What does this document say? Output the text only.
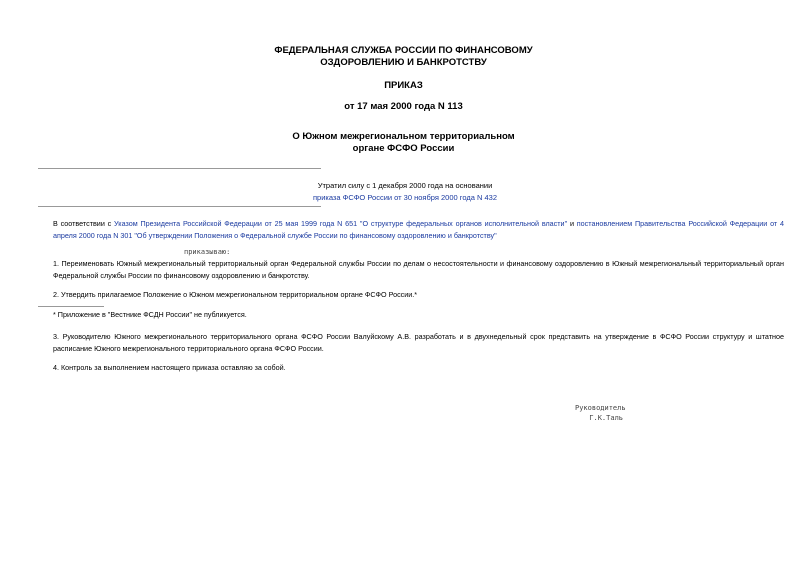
ФЕДЕРАЛЬНАЯ СЛУЖБА РОССИИ ПО ФИНАНСОВОМУ
ОЗДОРОВЛЕНИЮ И БАНКРОТСТВУ
ПРИКАЗ
от 17 мая 2000 года N 113
О Южном межрегиональном территориальном
органе ФСФО России
Утратил силу с 1 декабря 2000 года на основании
приказа ФСФО России от 30 ноября 2000 года N 432
В соответствии с Указом Президента Российской Федерации от 25 мая 1999 года N 651 "О структуре федеральных органов исполнительной власти" и постановлением Правительства Российской Федерации от 4 апреля 2000 года N 301 "Об утверждении Положения о Федеральной службе России по финансовому оздоровлению и банкротству"
приказываю:
1. Переименовать Южный межрегиональный территориальный орган Федеральной службы России по делам о несостоятельности и финансовому оздоровлению в Южный межрегиональный территориальный орган Федеральной службы России по финансовому оздоровлению и банкротству.
2. Утвердить прилагаемое Положение о Южном межрегиональном территориальном органе ФСФО России.*
* Приложение в "Вестнике ФСДН России" не публикуется.
3. Руководителю Южного межрегионального территориального органа ФСФО России Валуйскому А.В. разработать и в двухнедельный срок представить на утверждение в ФСФО России структуру и штатное расписание Южного межрегионального территориального органа ФСФО России.
4. Контроль за выполнением настоящего приказа оставляю за собой.
Руководитель
Г.К.Таль
